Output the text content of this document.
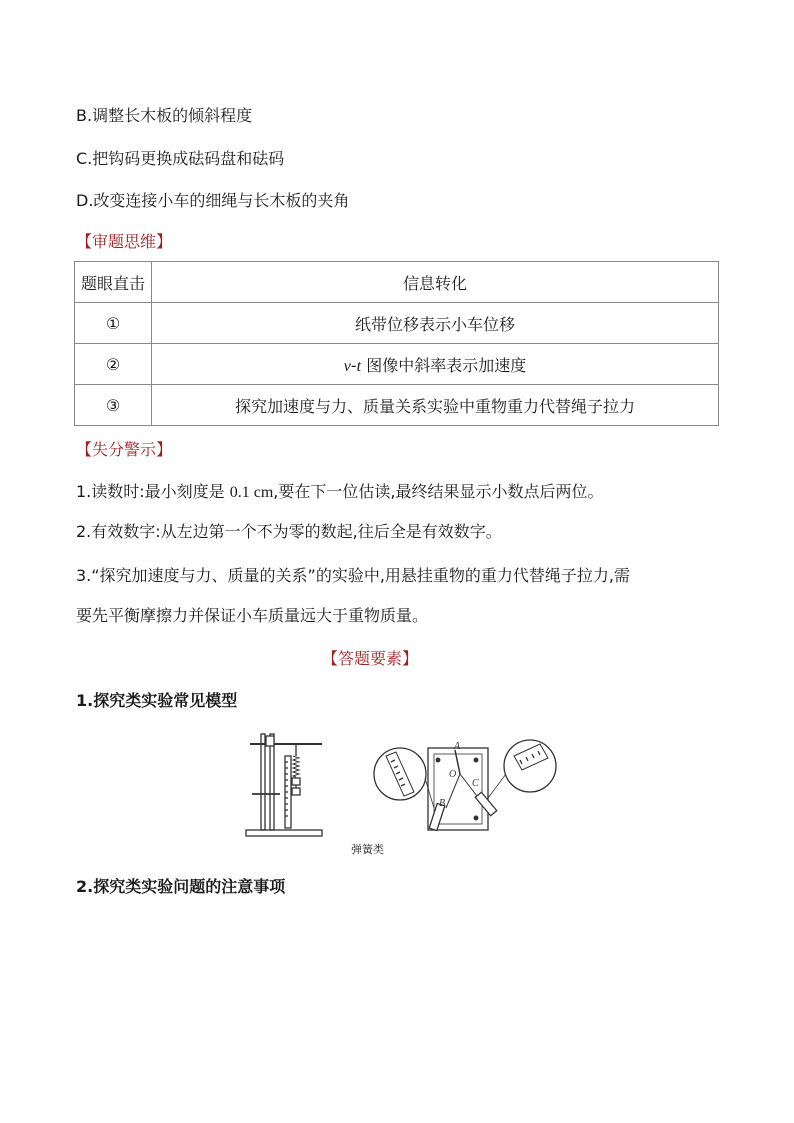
B.调整长木板的倾斜程度
C.把钩码更换成砝码盘和砝码
D.改变连接小车的细绳与长木板的夹角
【审题思维】
题眼直击	信息转化
①	纸带位移表示小车位移
②	v-t 图像中斜率表示加速度
③	探究加速度与力、质量关系实验中重物重力代替绳子拉力
【失分警示】
1.读数时:最小刻度是 0.1 cm,要在下一位估读,最终结果显示小数点后两位。
2.有效数字:从左边第一个不为零的数起,往后全是有效数字。
3.“探究加速度与力、质量的关系”的实验中,用悬挂重物的重力代替绳子拉力,需
要先平衡摩擦力并保证小车质量远大于重物质量。
【答题要素】
1.探究类实验常见模型
A
O
B
C
弹簧类
2.探究类实验问题的注意事项
